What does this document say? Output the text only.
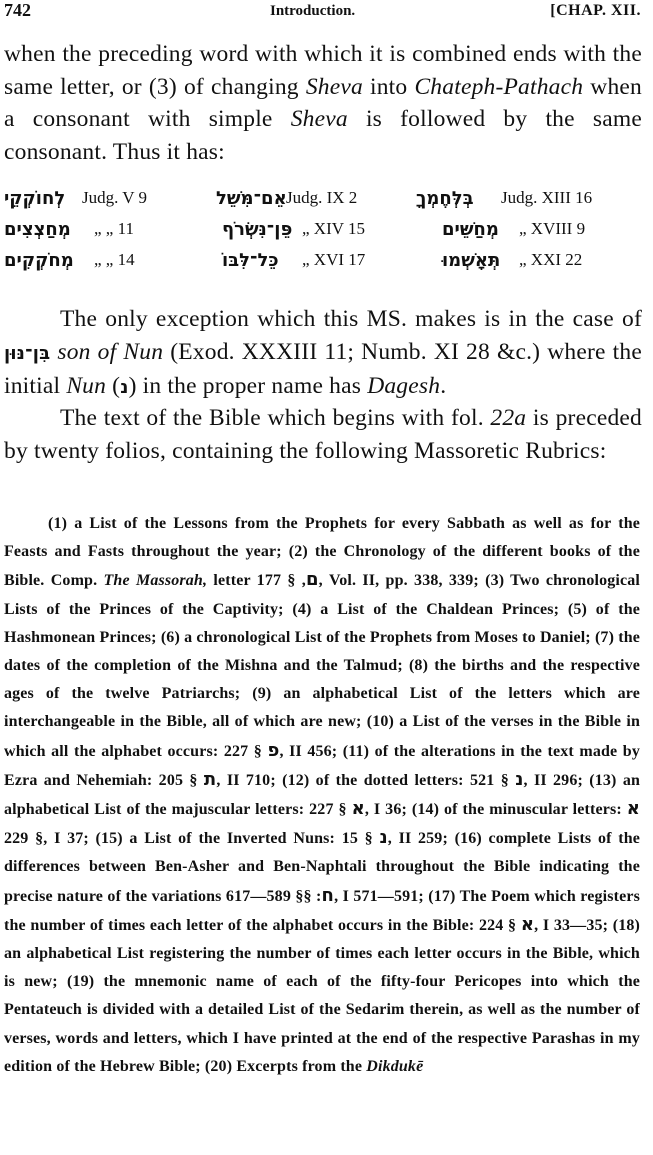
742	Introduction.	[CHAP. XII.
when the preceding word with which it is combined ends with the same letter, or (3) of changing Sheva into Chateph-Pathach when a consonant with simple Sheva is followed by the same consonant. Thus it has:
לְחוֹקְקֵי Judg. V 9	אֵם־מִּשֵׁל Judg. IX 2	בְּלְּחֶמְךָ Judg. XIII 16
מְחַצְצִים „ „ 11	פֵּן־נִּשְׂרֹף „ XIV 15	מְחַשֵּׁים „ XVIII 9
מְחֹקְקִים „ „ 14	כֵּל־לִּבּוֹ „ XVI 17	תְּאָשְׁמוּ „ XXI 22
The only exception which this MS. makes is in the case of בִּן־נּוּן son of Nun (Exod. XXXIII 11; Numb. XI 28 &c.) where the initial Nun (נ) in the proper name has Dagesh.
The text of the Bible which begins with fol. 22a is preceded by twenty folios, containing the following Massoretic Rubrics:
(1) a List of the Lessons from the Prophets for every Sabbath as well as for the Feasts and Fasts throughout the year; (2) the Chronology of the different books of the Bible. Comp. The Massorah, letter	ם, § 177, Vol. II, pp. 338, 339; (3) Two chronological Lists of the Princes of the Captivity; (4) a List of the Chaldean Princes; (5) of the Hashmonean Princes; (6) a chronological List of the Prophets from Moses to Daniel; (7) the dates of the completion of the Mishna and the Talmud; (8) the births and the respective ages of the twelve Patriarchs; (9) an alphabetical List of the letters which are interchangeable in the Bible, all of which are new; (10) a List of the verses in the Bible in which all the alphabet occurs: פ § 227, II 456; (11) of the alterations in the text made by Ezra and Nehemiah:	ת § 205, II 710; (12) of the dotted letters:	נ § 521, II 296; (13) an alphabetical List of the majuscular letters: א § 227, I 36; (14) of the minuscular letters: א § 229, I 37; (15) a List of the Inverted Nuns: נ § 15, II 259; (16) complete Lists of the differences between Ben-Asher and Ben-Naphtali throughout the Bible indicating the precise nature of the variations	ח: §§ 589—617, I 571—591; (17) The Poem which registers the number of times each letter of the alphabet occurs in the Bible: א § 224, I 33—35; (18) an alphabetical List registering the number of times each letter occurs in the Bible, which is new; (19) the mnemonic name of each of the fifty-four Pericopes into which the Pentateuch is divided with a detailed List of the Sedarim therein, as well as the number of verses, words and letters, which I have printed at the end of the respective Parashas in my edition of the Hebrew Bible; (20) Excerpts from the Dikdukē
